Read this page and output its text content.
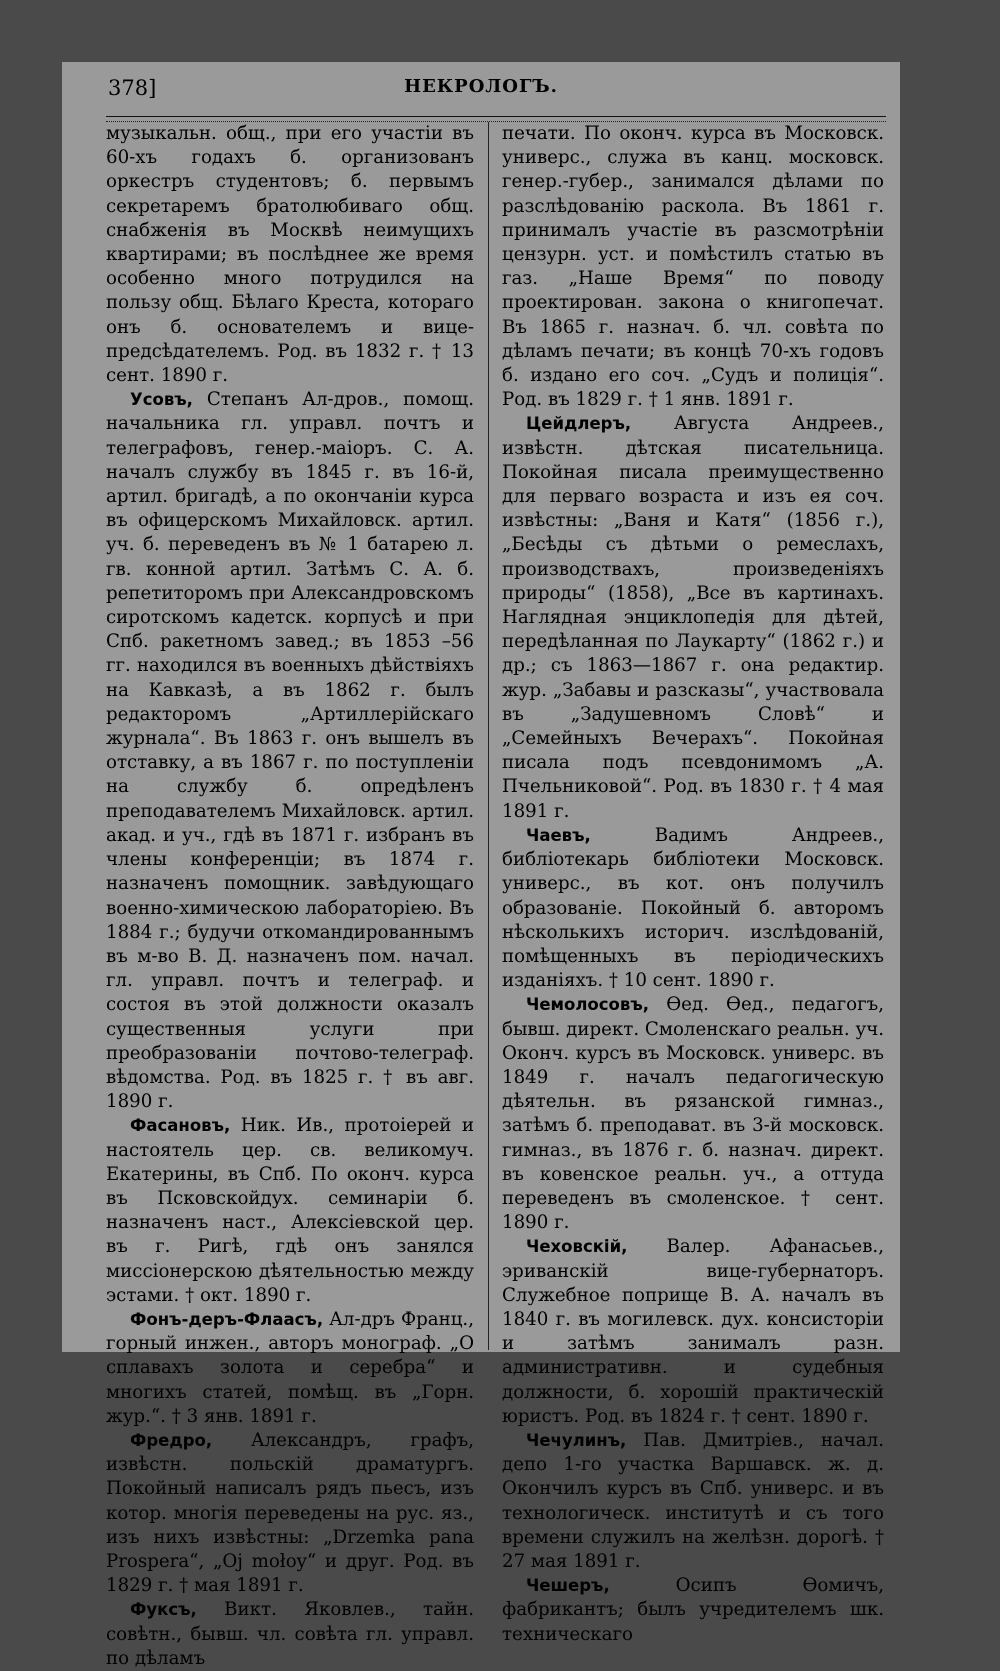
378]	НЕКРОЛОГЪ.

музыкальн. общ., при его участіи въ 60-хъ годахъ б. организованъ оркестръ студентовъ; б. первымъ секретаремъ братолюбиваго общ. снабженія въ Москвѣ неимущихъ квартирами; въ послѣднее же время особенно много потрудился на пользу общ. Бѣлаго Креста, котораго онъ б. основателемъ и вице-предсѣдателемъ. Род. въ 1832 г. † 13 сент. 1890 г.

Усовъ, Степанъ Ал-дров., помощ. начальника гл. управл. почтъ и телеграфовъ, генер.-маіоръ. С. А. началъ службу въ 1845 г. въ 16-й, артил. бригадѣ, а по окончаніи курса въ офицерскомъ Михайловск. артил. уч. б. переведенъ въ № 1 батарею л. гв. конной артил. Затѣмъ С. А. б. репетиторомъ при Александровскомъ сиротскомъ кадетск. корпусѣ и при Спб. ракетномъ завед.; въ 1853 –56 гг. находился въ военныхъ дѣйствіяхъ на Кавказѣ, а въ 1862 г. былъ редакторомъ „Артиллерійскаго журнала“. Въ 1863 г. онъ вышелъ въ отставку, а въ 1867 г. по поступленіи на службу б. опредѣленъ преподавателемъ Михайловск. артил. акад. и уч., гдѣ въ 1871 г. избранъ въ члены конференціи; въ 1874 г. назначенъ помощник. завѣдующаго военно-химическою лабораторіею. Въ 1884 г.; будучи откомандированнымъ въ м-во В. Д. назначенъ пом. начал. гл. управл. почтъ и телеграф. и состоя въ этой должности оказалъ существенныя услуги при преобразованіи почтово-телеграф. вѣдомства. Род. въ 1825 г. † въ авг. 1890 г.

Фасановъ, Ник. Ив., протоіерей и настоятель цер. св. великомуч. Екатерины, въ Спб. По оконч. курса въ Псковскойдух. семинаріи б. назначенъ наст., Алексіевской цер. въ г. Ригѣ, гдѣ онъ занялся миссіонерскою дѣятельностью между эстами. † окт. 1890 г.

Фонъ-деръ-Флаасъ, Ал-дръ Франц., горный инжен., авторъ монограф. „О сплавахъ золота и серебра“ и многихъ статей, помѣщ. въ „Горн. жур.“. † 3 янв. 1891 г.

Фредро, Александръ, графъ, извѣстн. польскій драматургъ. Покойный написалъ рядъ пьесъ, изъ котор. многія переведены на рус. яз., изъ нихъ извѣстны: „Drzemka pana Prospera“, „Oj mołoy“ и друг. Род. въ 1829 г. † мая 1891 г.

Фуксъ, Викт. Яковлев., тайн. совѣтн., бывш. чл. совѣта гл. управл. по дѣламъ

печати. По оконч. курса въ Московск. универс., служа въ канц. московск. генер.-губер., занимался дѣлами по разслѣдованію раскола. Въ 1861 г. принималъ участіе въ разсмотрѣніи цензурн. уст. и помѣстилъ статью въ газ. „Наше Время“ по поводу проектирован. закона о книгопечат. Въ 1865 г. назнач. б. чл. совѣта по дѣламъ печати; въ концѣ 70-хъ годовъ б. издано его соч. „Судъ и полиція“. Род. въ 1829 г. † 1 янв. 1891 г.

Цейдлеръ, Августа Андреев., извѣстн. дѣтская писательница. Покойная писала преимущественно для перваго возраста и изъ ея соч. извѣстны: „Ваня и Катя“ (1856 г.), „Бесѣды съ дѣтьми о ремеслахъ, производствахъ, произведеніяхъ природы“ (1858), „Все въ картинахъ. Наглядная энциклопедія для дѣтей, передѣланная по Лаукарту“ (1862 г.) и др.; съ 1863—1867 г. она редактир. жур. „Забавы и разсказы“, участвовала въ „Задушевномъ Словѣ“ и „Семейныхъ Вечерахъ“. Покойная писала подъ псевдонимомъ „А. Пчельниковой“. Род. въ 1830 г. † 4 мая 1891 г.

Чаевъ, Вадимъ Андреев., библіотекарь библіотеки Московск. универс., въ кот. онъ получилъ образованіе. Покойный б. авторомъ нѣсколькихъ историч. изслѣдованій, помѣщенныхъ въ періодическихъ изданіяхъ. † 10 сент. 1890 г.

Чемолосовъ, Ѳед. Ѳед., педагогъ, бывш. директ. Смоленскаго реальн. уч. Оконч. курсъ въ Московск. универс. въ 1849 г. началъ педагогическую дѣятельн. въ рязанской гимназ., затѣмъ б. преподават. въ 3-й московск. гимназ., въ 1876 г. б. назнач. директ. въ ковенское реальн. уч., а оттуда переведенъ въ смоленское. † сент. 1890 г.

Чеховскій, Валер. Афанасьев., эриванскій вице-губернаторъ. Служебное поприще В. А. началъ въ 1840 г. въ могилевск. дух. консисторіи и затѣмъ занималъ разн. административн. и судебныя должности, б. хорошій практическій юристъ. Род. въ 1824 г. † сент. 1890 г.

Чечулинъ, Пав. Дмитріев., начал. депо 1-го участка Варшавск. ж. д. Окончилъ курсъ въ Спб. универс. и въ технологическ. институтѣ и съ того времени служилъ на желѣзн. дорогѣ. † 27 мая 1891 г.

Чешеръ, Осипъ Ѳомичъ, фабрикантъ; былъ учредителемъ шк. техническаго
